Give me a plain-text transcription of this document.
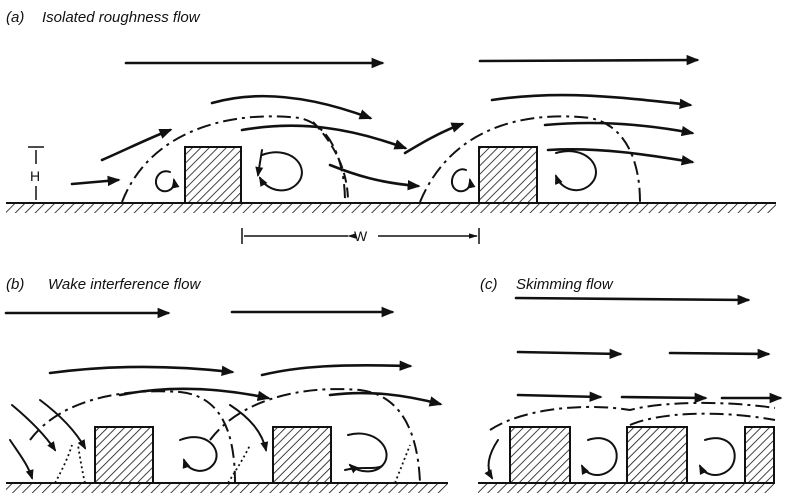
(a) Isolated roughness flow
H
W
(b) Wake interference flow	(c) Skimming flow
